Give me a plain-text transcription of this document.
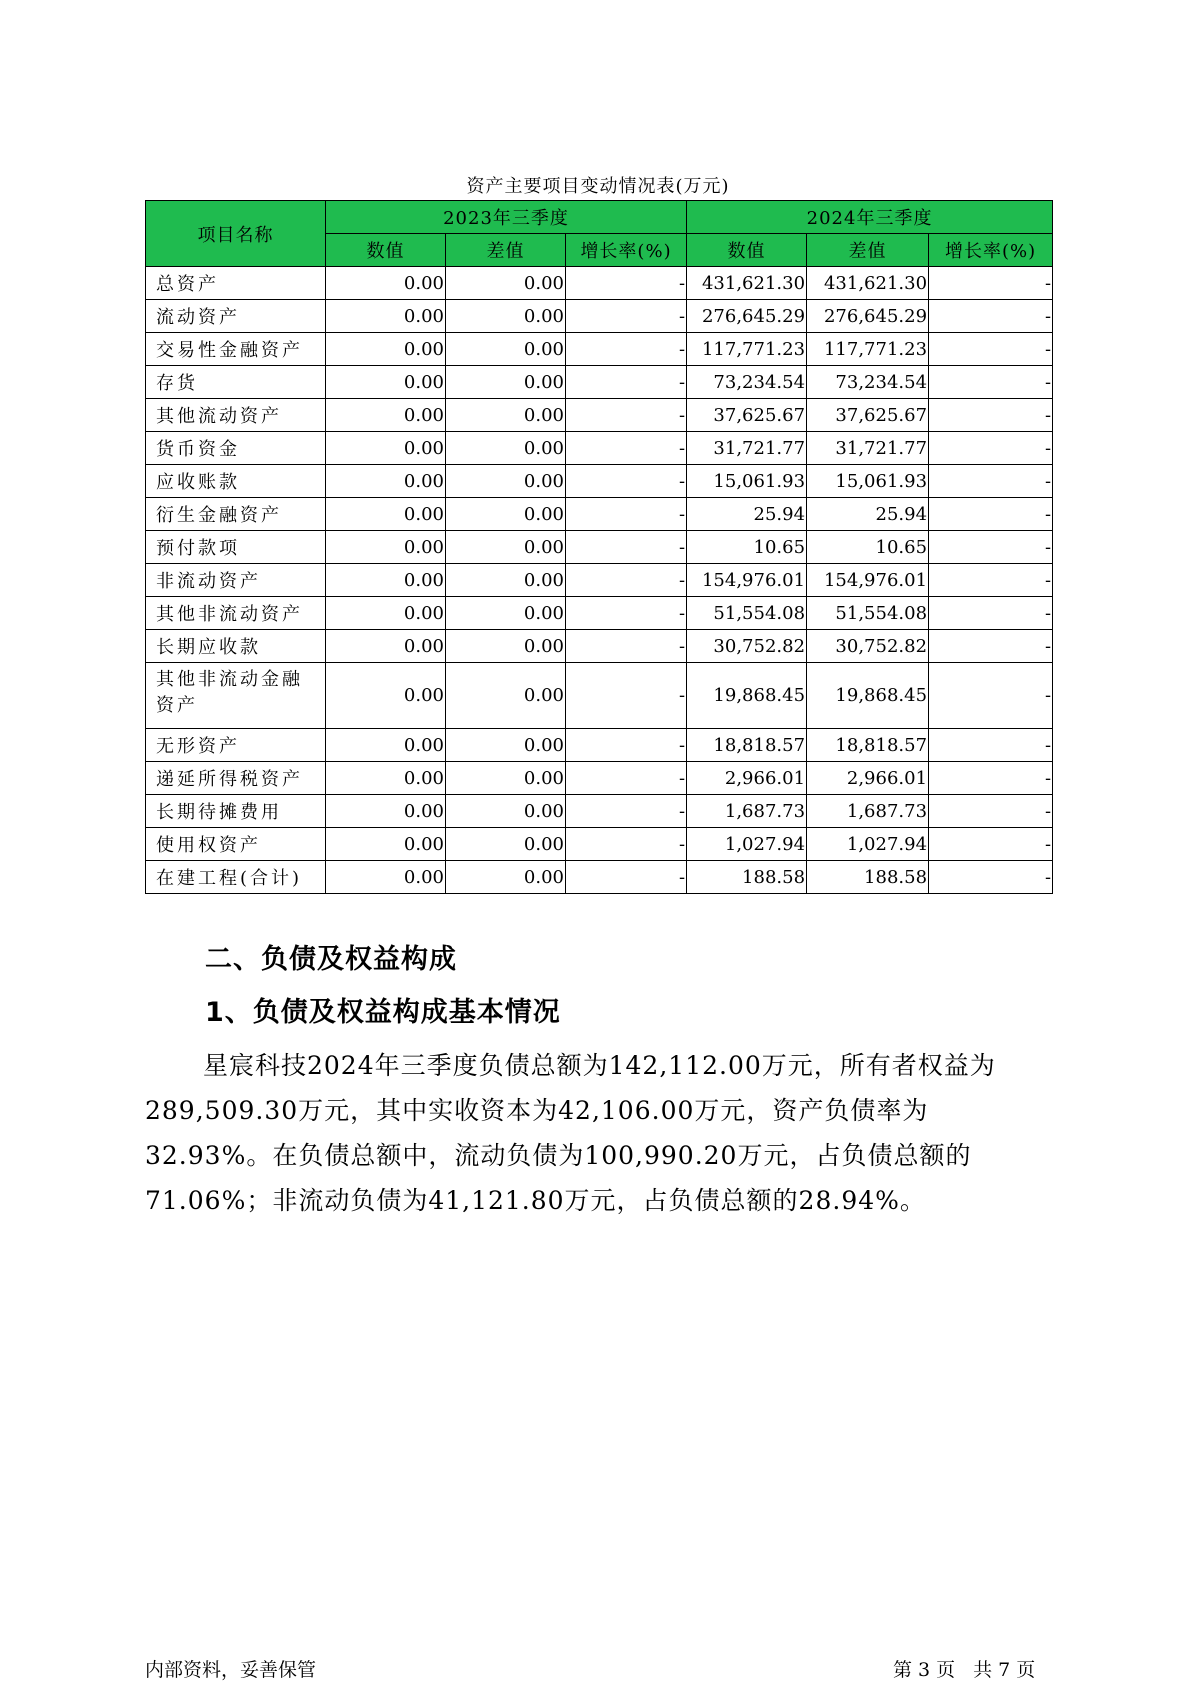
资产主要项目变动情况表(万元)
项目名称	2023年三季度			2024年三季度		
	数值	差值	增长率(%)	数值	差值	增长率(%)
总资产	0.00	0.00	-	431,621.30	431,621.30	-
流动资产	0.00	0.00	-	276,645.29	276,645.29	-
交易性金融资产	0.00	0.00	-	117,771.23	117,771.23	-
存货	0.00	0.00	-	73,234.54	73,234.54	-
其他流动资产	0.00	0.00	-	37,625.67	37,625.67	-
货币资金	0.00	0.00	-	31,721.77	31,721.77	-
应收账款	0.00	0.00	-	15,061.93	15,061.93	-
衍生金融资产	0.00	0.00	-	25.94	25.94	-
预付款项	0.00	0.00	-	10.65	10.65	-
非流动资产	0.00	0.00	-	154,976.01	154,976.01	-
其他非流动资产	0.00	0.00	-	51,554.08	51,554.08	-
长期应收款	0.00	0.00	-	30,752.82	30,752.82	-
其他非流动金融资产	0.00	0.00	-	19,868.45	19,868.45	-
无形资产	0.00	0.00	-	18,818.57	18,818.57	-
递延所得税资产	0.00	0.00	-	2,966.01	2,966.01	-
长期待摊费用	0.00	0.00	-	1,687.73	1,687.73	-
使用权资产	0.00	0.00	-	1,027.94	1,027.94	-
在建工程(合计)	0.00	0.00	-	188.58	188.58	-
二、负债及权益构成
1、负债及权益构成基本情况
星宸科技2024年三季度负债总额为142,112.00万元，所有者权益为289,509.30万元，其中实收资本为42,106.00万元，资产负债率为32.93%。在负债总额中，流动负债为100,990.20万元，占负债总额的71.06%；非流动负债为41,121.80万元，占负债总额的28.94%。
内部资料，妥善保管	第 3 页 共 7 页
